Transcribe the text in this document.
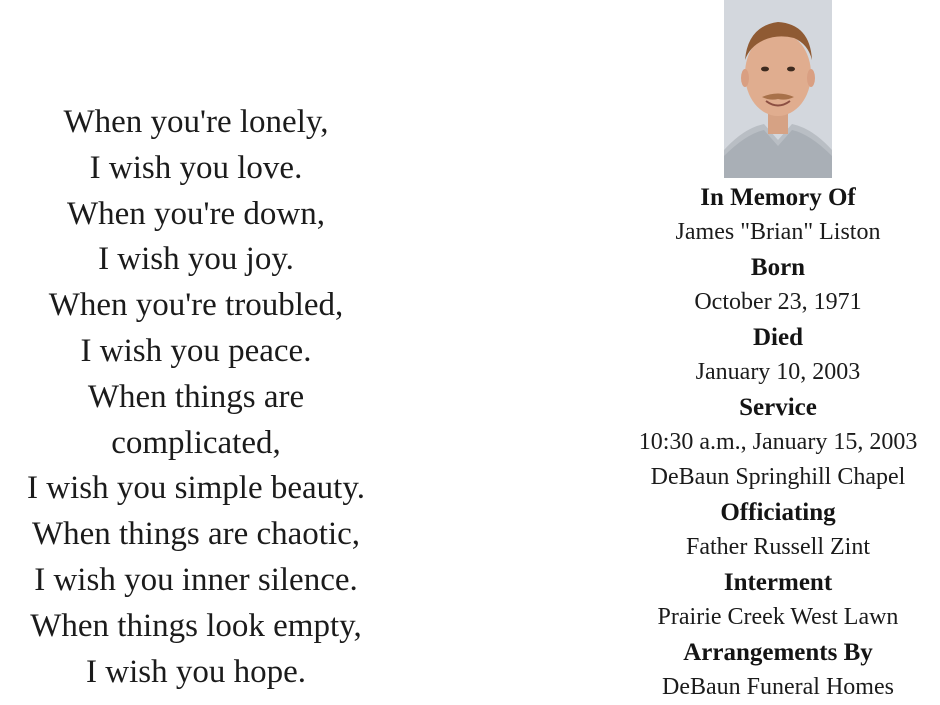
When you're lonely,
I wish you love.
When you're down,
I wish you joy.
When you're troubled,
I wish you peace.
When things are
complicated,
I wish you simple beauty.
When things are chaotic,
I wish you inner silence.
When things look empty,
I wish you hope.
In Memory Of
James "Brian" Liston
Born
October 23, 1971
Died
January 10, 2003
Service
10:30 a.m., January 15, 2003
DeBaun Springhill Chapel
Officiating
Father Russell Zint
Interment
Prairie Creek West Lawn
Arrangements By
DeBaun Funeral Homes
